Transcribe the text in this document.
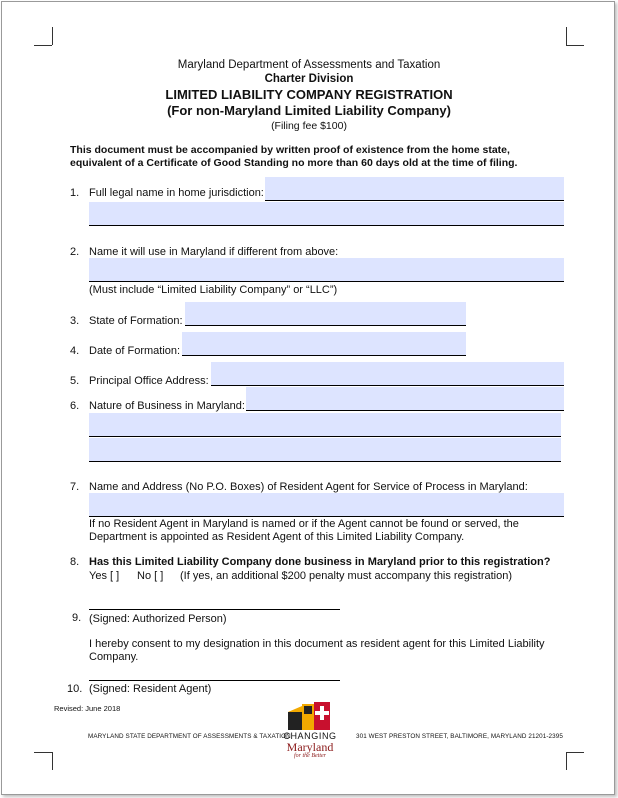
Maryland Department of Assessments and Taxation
Charter Division
LIMITED LIABILITY COMPANY REGISTRATION
(For non-Maryland Limited Liability Company)
(Filing fee $100)
This document must be accompanied by written proof of existence from the home state,
equivalent of a Certificate of Good Standing no more than 60 days old at the time of filing.
1. Full legal name in home jurisdiction:
2. Name it will use in Maryland if different from above:
(Must include “Limited Liability Company” or “LLC”)
3. State of Formation:
4. Date of Formation:
5. Principal Office Address:
6. Nature of Business in Maryland:
7. Name and Address (No P.O. Boxes) of Resident Agent for Service of Process in Maryland:
If no Resident Agent in Maryland is named or if the Agent cannot be found or served, the Department is appointed as Resident Agent of this Limited Liability Company.
8. Has this Limited Liability Company done business in Maryland prior to this registration?
Yes [ ] No [ ] (If yes, an additional $200 penalty must accompany this registration)
9. (Signed: Authorized Person)
I hereby consent to my designation in this document as resident agent for this Limited Liability Company.
10. (Signed: Resident Agent)
Revised: June 2018
MARYLAND STATE DEPARTMENT OF ASSESSMENTS & TAXATION	301 WEST PRESTON STREET, BALTIMORE, MARYLAND 21201-2395
CHANGING
Maryland
for the Better
